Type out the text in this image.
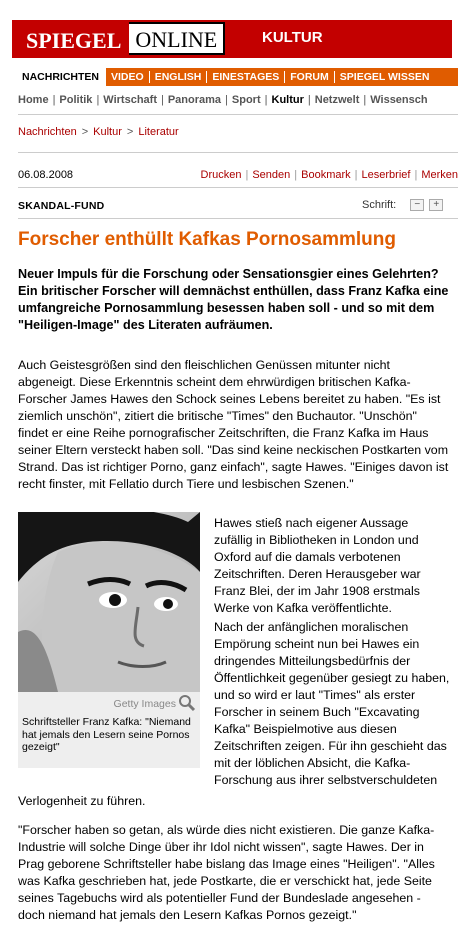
SPIEGEL ONLINE	KULTUR
NACHRICHTEN	VIDEO	ENGLISH	EINESTAGES	FORUM	SPIEGEL WISSEN
Home | Politik | Wirtschaft | Panorama | Sport | Kultur | Netzwelt | Wissensch
Nachrichten > Kultur > Literatur
06.08.2008	Drucken | Senden | Bookmark | Leserbrief | Merken
SKANDAL-FUND	Schrift:	−	+
Forscher enthüllt Kafkas Pornosammlung

Neuer Impuls für die Forschung oder Sensationsgier eines Gelehrten? Ein britischer Forscher will demnächst enthüllen, dass Franz Kafka eine umfangreiche Pornosammlung besessen haben soll - und so mit dem "Heiligen-Image" des Literaten aufräumen.

Auch Geistesgrößen sind den fleischlichen Genüssen mitunter nicht abgeneigt. Diese Erkenntnis scheint dem ehrwürdigen britischen Kafka-Forscher James Hawes den Schock seines Lebens bereitet zu haben. "Es ist ziemlich unschön", zitiert die britische "Times" den Buchautor. "Unschön" findet er eine Reihe pornografischer Zeitschriften, die Franz Kafka im Haus seiner Eltern versteckt haben soll. "Das sind keine neckischen Postkarten vom Strand. Das ist richtiger Porno, ganz einfach", sagte Hawes. "Einiges davon ist recht finster, mit Fellatio durch Tiere und lesbischen Szenen."

Getty Images

Schriftsteller Franz Kafka: "Niemand hat jemals den Lesern seine Pornos gezeigt"

Hawes stieß nach eigener Aussage zufällig in Bibliotheken in London und Oxford auf die damals verbotenen Zeitschriften. Deren Herausgeber war Franz Blei, der im Jahr 1908 erstmals Werke von Kafka veröffentlichte.

Nach der anfänglichen moralischen Empörung scheint nun bei Hawes ein dringendes Mitteilungsbedürfnis der Öffentlichkeit gegenüber gesiegt zu haben, und so wird er laut "Times" als erster Forscher in seinem Buch "Excavating Kafka" Beispielmotive aus diesen Zeitschriften zeigen. Für ihn geschieht das mit der löblichen Absicht, die Kafka-Forschung aus ihrer selbstverschuldeten

Verlogenheit zu führen.

"Forscher haben so getan, als würde dies nicht existieren. Die ganze Kafka-Industrie will solche Dinge über ihr Idol nicht wissen", sagte Hawes. Der in Prag geborene Schriftsteller habe bislang das Image eines "Heiligen". "Alles was Kafka geschrieben hat, jede Postkarte, die er verschickt hat, jede Seite seines Tagebuchs wird als potentieller Fund der Bundeslade angesehen - doch niemand hat jemals den Lesern Kafkas Pornos gezeigt."
